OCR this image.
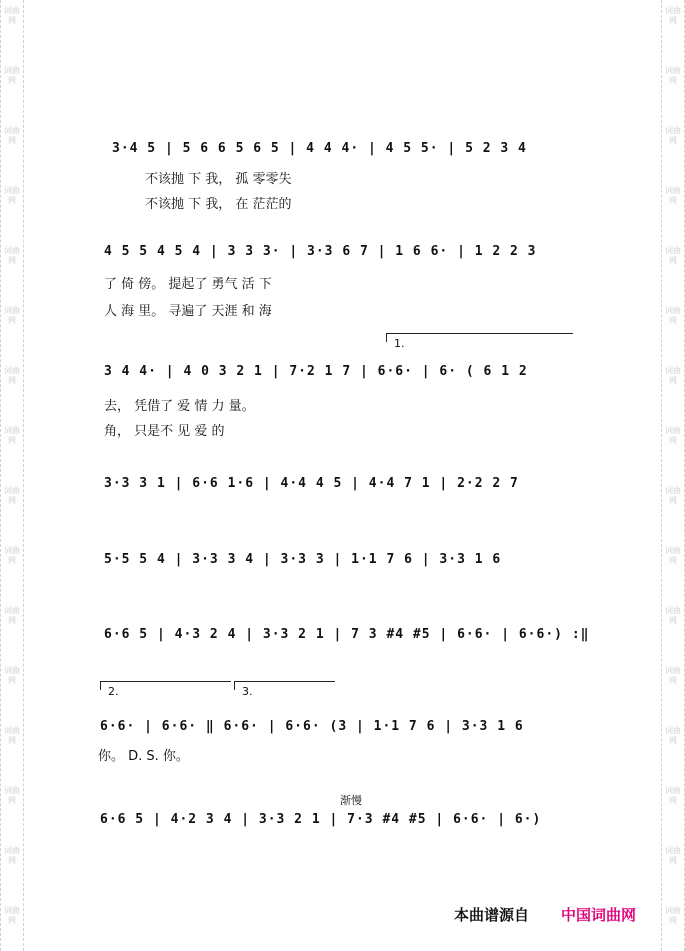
词曲网
词曲网
词曲网
词曲网
词曲网
词曲网
词曲网
词曲网
词曲网
词曲网
词曲网
词曲网
词曲网
词曲网
词曲网
词曲网
词曲网
词曲网
词曲网
词曲网
词曲网
词曲网
词曲网
词曲网
词曲网
词曲网
词曲网
词曲网
词曲网
词曲网
词曲网
词曲网
3·4 5 | 5 6 6 5 6 5 | 4 4 4· | 4 5 5· | 5 2 3 4
不该抛 下 我， 孤 零零失
不该抛 下 我， 在 茫茫的
4 5 5 4 5 4 | 3 3 3· | 3·3 6 7 | 1 6 6· | 1 2 2 3
了 倚 傍。 提起了 勇气 活 下
人 海 里。 寻遍了 天涯 和 海
1.
3 4 4· | 4 0 3 2 1 | 7·2 1 7 | 6·6· | 6· ( 6 1 2
去， 凭借了 爱 情 力 量。
角， 只是不 见 爱 的
3·3 3 1 | 6·6 1·6 | 4·4 4 5 | 4·4 7 1 | 2·2 2 7
5·5 5 4 | 3·3 3 4 | 3·3 3 | 1·1 7 6 | 3·3 1 6
6·6 5 | 4·3 2 4 | 3·3 2 1 | 7 3 #4 #5 | 6·6· | 6·6·) :‖
2.	3.
6·6· | 6·6· ‖ 6·6· | 6·6· (3 | 1·1 7 6 | 3·3 1 6
你。 D. S. 你。
渐慢
6·6 5 | 4·2 3 4 | 3·3 2 1 | 7·3 #4 #5 | 6·6· | 6·)
本曲谱源自 中国词曲网
